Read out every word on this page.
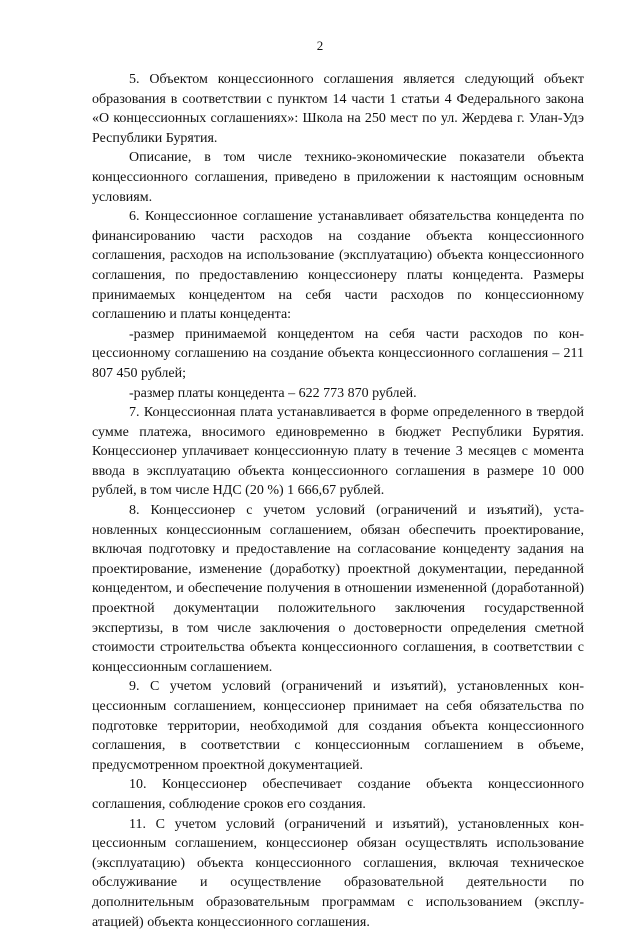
2

5. Объектом концессионного соглашения является следующий объект образования в соответствии с пунктом 14 части 1 статьи 4 Федерального закона «О концессионных соглашениях»: Школа на 250 мест по ул. Жердева г. Улан-Удэ Республики Бурятия.

Описание, в том числе технико-экономические показатели объекта концессионного соглашения, приведено в приложении к настоящим основным условиям.

6. Концессионное соглашение устанавливает обязательства концедента по финансированию части расходов на создание объекта концессионного соглашения, расходов на использование (эксплуатацию) объекта концессионного соглашения, по предоставлению концессионеру платы концедента. Размеры принимаемых концедентом на себя части расходов по концессионному соглашению и платы концедента:

-размер принимаемой концедентом на себя части расходов по концессионному соглашению на создание объекта концессионного соглашения – 211 807 450 рублей;

-размер платы концедента – 622 773 870 рублей.

7. Концессионная плата устанавливается в форме определенного в твердой сумме платежа, вносимого единовременно в бюджет Республики Бурятия. Концессионер уплачивает концессионную плату в течение 3 месяцев с момента ввода в эксплуатацию объекта концессионного соглашения в размере 10 000 рублей, в том числе НДС (20 %) 1 666,67 рублей.

8. Концессионер с учетом условий (ограничений и изъятий), установленных концессионным соглашением, обязан обеспечить проектирование, включая подготовку и предоставление на согласование концеденту задания на проектирование, изменение (доработку) проектной документации, переданной концедентом, и обеспечение получения в отношении измененной (доработанной) проектной документации положительного заключения государственной экспертизы, в том числе заключения о достоверности определения сметной стоимости строительства объекта концессионного соглашения, в соответствии с концессионным соглашением.

9. С учетом условий (ограничений и изъятий), установленных концессионным соглашением, концессионер принимает на себя обязательства по подготовке территории, необходимой для создания объекта концессионного соглашения, в соответствии с концессионным соглашением в объеме, предусмотренном проектной документацией.

10. Концессионер обеспечивает создание объекта концессионного соглашения, соблюдение сроков его создания.

11. С учетом условий (ограничений и изъятий), установленных концессионным соглашением, концессионер обязан осуществлять использование (эксплуатацию) объекта концессионного соглашения, включая техническое обслуживание и осуществление образовательной деятельности по дополнительным образовательным программам с использованием (эксплуатацией) объекта концессионного соглашения.
